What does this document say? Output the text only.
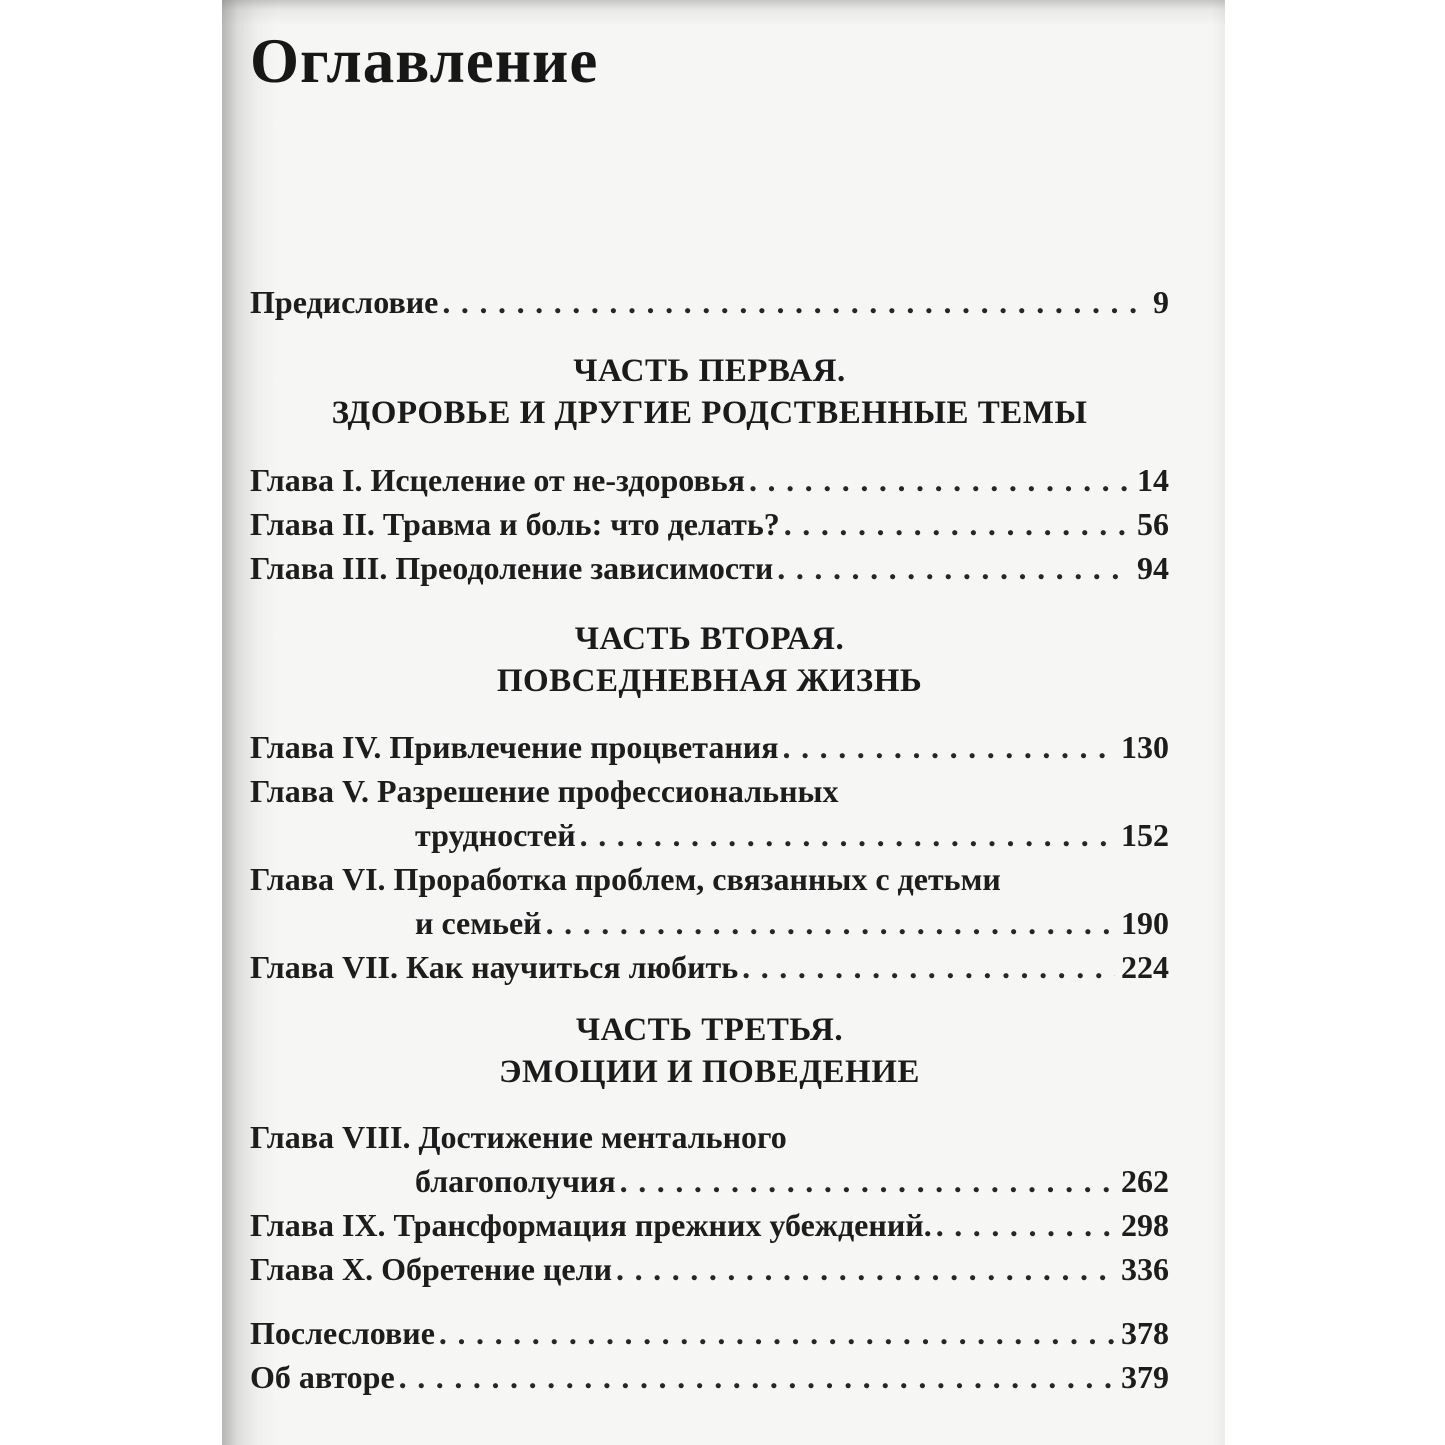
Оглавление
Предисловие .....	9
ЧАСТЬ ПЕРВАЯ.
ЗДОРОВЬЕ И ДРУГИЕ РОДСТВЕННЫЕ ТЕМЫ
Глава I. Исцеление от не-здоровья .....	14
Глава II. Травма и боль: что делать? .....	56
Глава III. Преодоление зависимости .....	94
ЧАСТЬ ВТОРАЯ.
ПОВСЕДНЕВНАЯ ЖИЗНЬ
Глава IV. Привлечение процветания .....	130
Глава V. Разрешение профессиональных
трудностей .....	152
Глава VI. Проработка проблем, связанных с детьми
и семьей .....	190
Глава VII. Как научиться любить .....	224
ЧАСТЬ ТРЕТЬЯ.
ЭМОЦИИ И ПОВЕДЕНИЕ
Глава VIII. Достижение ментального
благополучия .....	262
Глава IX. Трансформация прежних убеждений. .....	298
Глава X. Обретение цели .....	336
Послесловие .....	378
Об авторе .....	379
